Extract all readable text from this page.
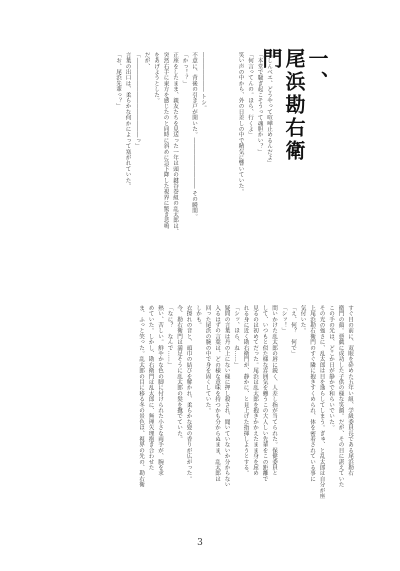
一、
尾浜勘右衛門
「しんべエ、どうやって喧嘩止めるんだよ」
「本堂で騒ぎ起こそうって魂胆かい？」
「何言ってんの。ほら、行くよ」
笑い声の中から、外の日差しの中で精気に響いていた。
――――――― トシ。
不意に、背後の引き戸が開いた。――――――――― その瞬間。
「かっ！？」
正座をしたまま、親友たちを見送った一年は頭の鍵谷巻組の乱太郎は、
突然右手に東方を感じたのと同時に斜めに急下降した視界に驚き悲鳴
をあげようとした。
だが、
「――――――――――――――っ」
言葉の出口は、柔らかな何かによって塞がれていた。
「お、尾浜先輩っ？」
すぐ目の前に、双眼を砕めた五年い組、学級委員長である尾浜勘右
衛門の顔。悪戯に成功した子供の様な笑顔。だが、その目に湛えていた
この手の光は、どこか日が静かで和らいでいた。
その光の強さに、乱太郎は目を逸らしてしまう。ぎゅ、と乱太郎は自分が座
上尾浜勘右衛門のすぐ隣に抱きすくめられ、体を密着されている事に
気付いた。
「え、何？　何で」
「シッ！」
問いかけた乱太郎の唇に鋭く、人差し指が当てられた。保健委員と
して、いつもと似た様な雰囲気を纏うこの大人しい先輩をこの距離で
見るのは初めてだった。尾浜は乱太郎を抱きかかえたまま身を屈め
れる身に近く勘右衛門が、静かに、と見上げた指揮しようとする。
「シッ、ほら、ね……」
疑問の言葉は丹の上にない様に押し殺され、聞いていないか分からない
入るはずの言葉は、どの様な意味を持つかも分からぬまま、乱太郎は
回った尾浜の腕の中で身を固くしていた。
しかも。
衣擦れの音と、頭巾の結びを解かれ、柔らかな髪の香りが広がった。
今、勘右衛門は満足そうに乱太郎の髪を撫でていた。
「なに？　なんで……」
熱い、苦しい。鮮やかな色の脚に付けられた小さな両手が、腕を求
めていた。しかし、勘右衛門は乱太郎に、無理矢理抱き合わせた
ま、ふっと笑った。乱太郎の目に移る冬の景色は、視界の先の、勘右衛
3
